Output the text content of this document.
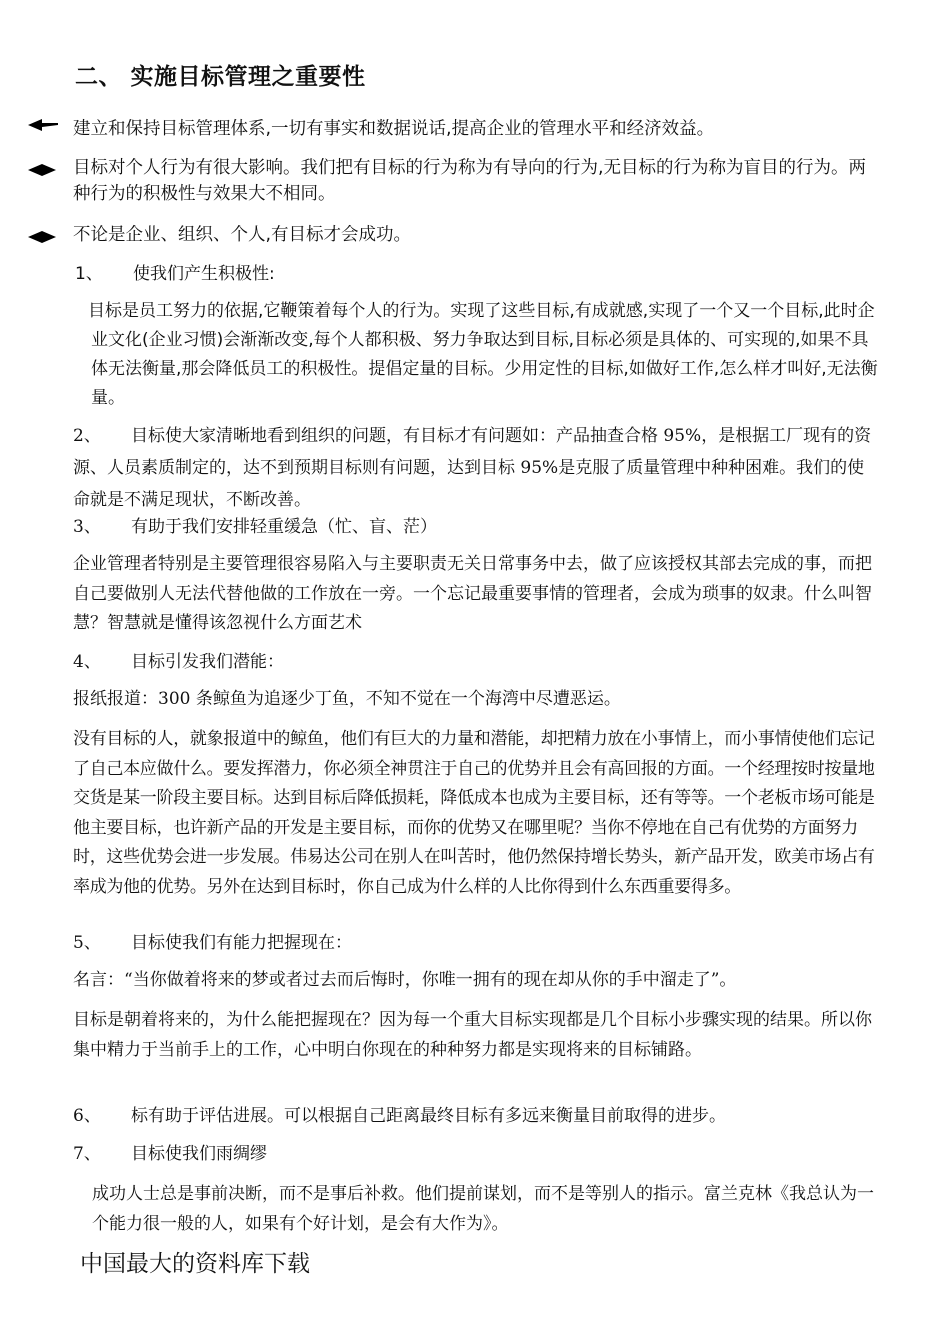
二、 实施目标管理之重要性
建立和保持目标管理体系,一切有事实和数据说话,提高企业的管理水平和经济效益。
目标对个人行为有很大影响。我们把有目标的行为称为有导向的行为,无目标的行为称为盲目的行为。两种行为的积极性与效果大不相同。
不论是企业、组织、个人,有目标才会成功。
1、 使我们产生积极性:
目标是员工努力的依据,它鞭策着每个人的行为。实现了这些目标,有成就感,实现了一个又一个目标,此时企业文化(企业习惯)会渐渐改变,每个人都积极、努力争取达到目标,目标必须是具体的、可实现的,如果不具体无法衡量,那会降低员工的积极性。提倡定量的目标。少用定性的目标,如做好工作,怎么样才叫好,无法衡量。
2、 目标使大家清晰地看到组织的问题，有目标才有问题如：产品抽查合格 95%，是根据工厂现有的资源、人员素质制定的，达不到预期目标则有问题，达到目标 95%是克服了质量管理中种种困难。我们的使命就是不满足现状，不断改善。
3、 有助于我们安排轻重缓急（忙、盲、茫）
企业管理者特别是主要管理很容易陷入与主要职责无关日常事务中去，做了应该授权其部去完成的事，而把自己要做别人无法代替他做的工作放在一旁。一个忘记最重要事情的管理者，会成为琐事的奴隶。什么叫智慧？智慧就是懂得该忽视什么方面艺术
4、 目标引发我们潜能：
报纸报道：300 条鲸鱼为追逐少丁鱼，不知不觉在一个海湾中尽遭恶运。
没有目标的人，就象报道中的鲸鱼，他们有巨大的力量和潜能，却把精力放在小事情上，而小事情使他们忘记了自己本应做什么。要发挥潜力，你必须全神贯注于自己的优势并且会有高回报的方面。一个经理按时按量地交货是某一阶段主要目标。达到目标后降低损耗，降低成本也成为主要目标，还有等等。一个老板市场可能是他主要目标，也许新产品的开发是主要目标，而你的优势又在哪里呢？当你不停地在自己有优势的方面努力时，这些优势会进一步发展。伟易达公司在别人在叫苦时，他仍然保持增长势头，新产品开发，欧美市场占有率成为他的优势。另外在达到目标时，你自己成为什么样的人比你得到什么东西重要得多。
5、 目标使我们有能力把握现在：
名言：“当你做着将来的梦或者过去而后悔时，你唯一拥有的现在却从你的手中溜走了”。
目标是朝着将来的，为什么能把握现在？因为每一个重大目标实现都是几个目标小步骤实现的结果。所以你集中精力于当前手上的工作，心中明白你现在的种种努力都是实现将来的目标铺路。
6、 标有助于评估进展。可以根据自己距离最终目标有多远来衡量目前取得的进步。
7、 目标使我们雨绸缪
成功人士总是事前决断，而不是事后补救。他们提前谋划，而不是等别人的指示。富兰克林《我总认为一个能力很一般的人，如果有个好计划，是会有大作为》。
中国最大的资料库下载
